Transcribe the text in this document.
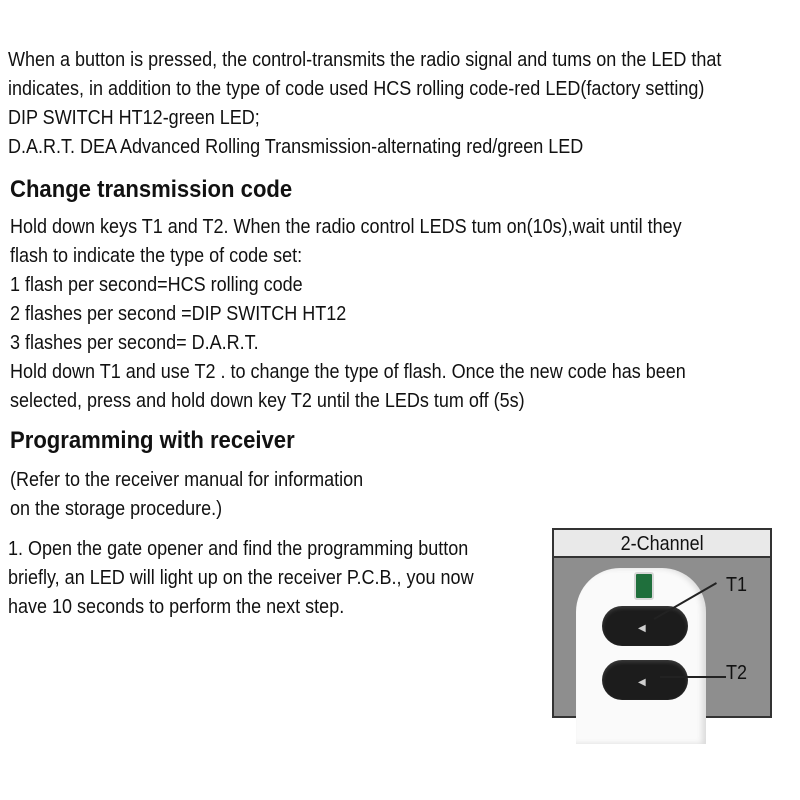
When a button is pressed, the control-transmits the radio signal and tums on the LED that
indicates, in addition to the type of code used HCS rolling code-red LED(factory setting)
DIP SWITCH HT12-green LED;
D.A.R.T. DEA Advanced Rolling Transmission-alternating red/green LED
Change transmission code
Hold down keys T1 and T2. When the radio control LEDS tum on(10s),wait until they
flash to indicate the type of code set:
1 flash per second=HCS rolling code
2 flashes per second =DIP SWITCH HT12
3 flashes per second= D.A.R.T.
Hold down T1 and use T2 . to change the type of flash. Once the new code has been
selected, press and hold down key T2 until the LEDs tum off (5s)
Programming with receiver
(Refer to the receiver manual for information
on the storage procedure.)
1. Open the gate opener and find the programming button
briefly, an LED will light up on the receiver P.C.B., you now
have 10 seconds to perform the next step.
2-Channel
◀
◀
T1
T2
